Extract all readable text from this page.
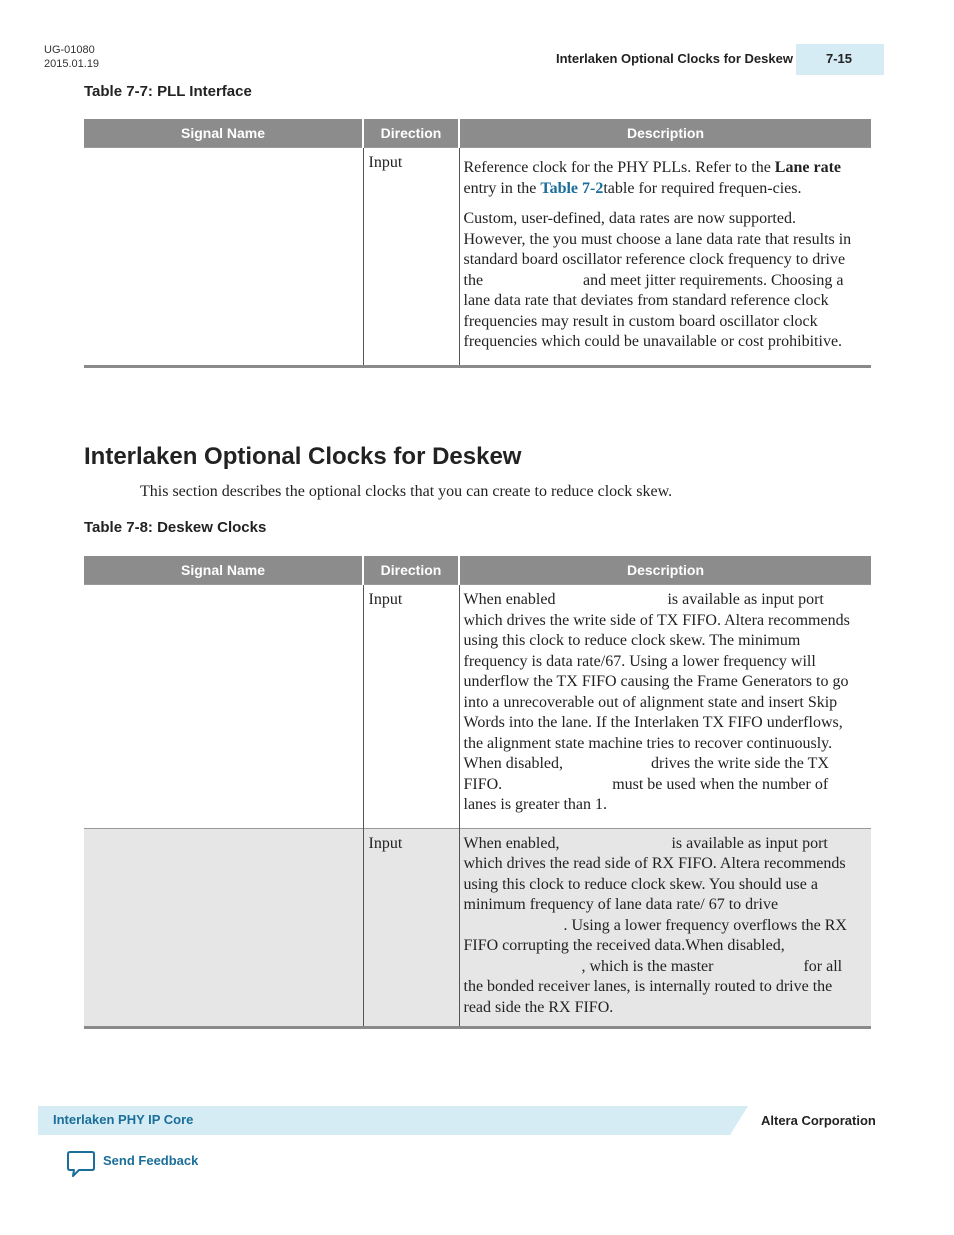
UG-01080
2015.01.19	Interlaken Optional Clocks for Deskew	7-15
Table 7-7: PLL Interface
Signal Name	Direction	Description
	Input	Reference clock for the PHY PLLs. Refer to the Lane rate entry in the Table 7-2table for required frequen-cies.

Custom, user-defined, data rates are now supported. However, the you must choose a lane data rate that results in standard board oscillator reference clock frequency to drive the and meet jitter requirements. Choosing a lane data rate that deviates from standard reference clock frequencies may result in custom board oscillator clock frequencies which could be unavailable or cost prohibitive.

Interlaken Optional Clocks for Deskew
This section describes the optional clocks that you can create to reduce clock skew.
Table 7-8: Deskew Clocks
Signal Name	Direction	Description
	Input	When enabled is available as input port which drives the write side of TX FIFO. Altera recommends using this clock to reduce clock skew. The minimum frequency is data rate/67. Using a lower frequency will underflow the TX FIFO causing the Frame Generators to go into a unrecoverable out of alignment state and insert Skip Words into the lane. If the Interlaken TX FIFO underflows, the alignment state machine tries to recover continuously. When disabled, drives the write side the TX FIFO. must be used when the number of lanes is greater than 1.
	Input	When enabled, is available as input port which drives the read side of RX FIFO. Altera recommends using this clock to reduce clock skew. You should use a minimum frequency of lane data rate/ 67 to drive . Using a lower frequency overflows the RX FIFO corrupting the received data.When disabled, , which is the master for all the bonded receiver lanes, is internally routed to drive the read side the RX FIFO.
Interlaken PHY IP Core	Altera Corporation
Send Feedback
